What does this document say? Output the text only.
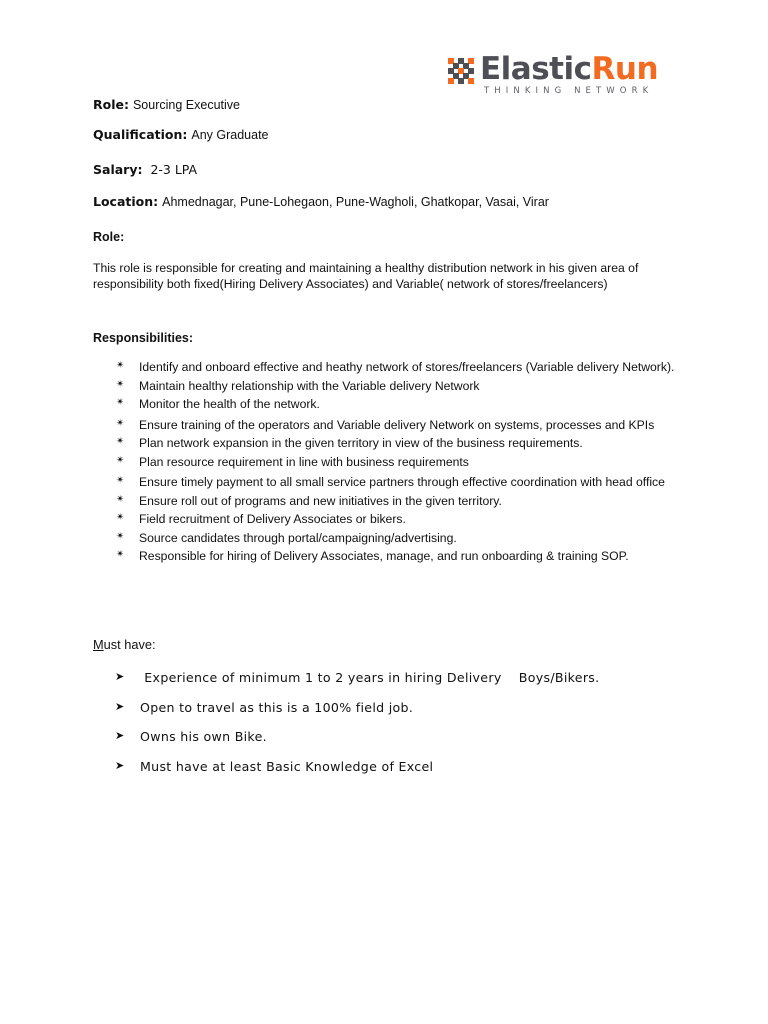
ElasticRun
THINKING NETWORK
Role: Sourcing Executive
Qualification: Any Graduate
Salary: 2-3 LPA
Location: Ahmednagar, Pune-Lohegaon, Pune-Wagholi, Ghatkopar, Vasai, Virar
Role:
This role is responsible for creating and maintaining a healthy distribution network in his given area of responsibility both fixed(Hiring Delivery Associates) and Variable( network of stores/freelancers)
Responsibilities:
✴ Identify and onboard effective and heathy network of stores/freelancers (Variable delivery Network).
✴ Maintain healthy relationship with the Variable delivery Network
✴ Monitor the health of the network.
✴ Ensure training of the operators and Variable delivery Network on systems, processes and KPIs
✴ Plan network expansion in the given territory in view of the business requirements.
✴ Plan resource requirement in line with business requirements
✴ Ensure timely payment to all small service partners through effective coordination with head office
✴ Ensure roll out of programs and new initiatives in the given territory.
✴ Field recruitment of Delivery Associates or bikers.
✴ Source candidates through portal/campaigning/advertising.
✴ Responsible for hiring of Delivery Associates, manage, and run onboarding & training SOP.
Must have:
➤ Experience of minimum 1 to 2 years in hiring Delivery    Boys/Bikers.
➤ Open to travel as this is a 100% field job.
➤ Owns his own Bike.
➤ Must have at least Basic Knowledge of Excel
